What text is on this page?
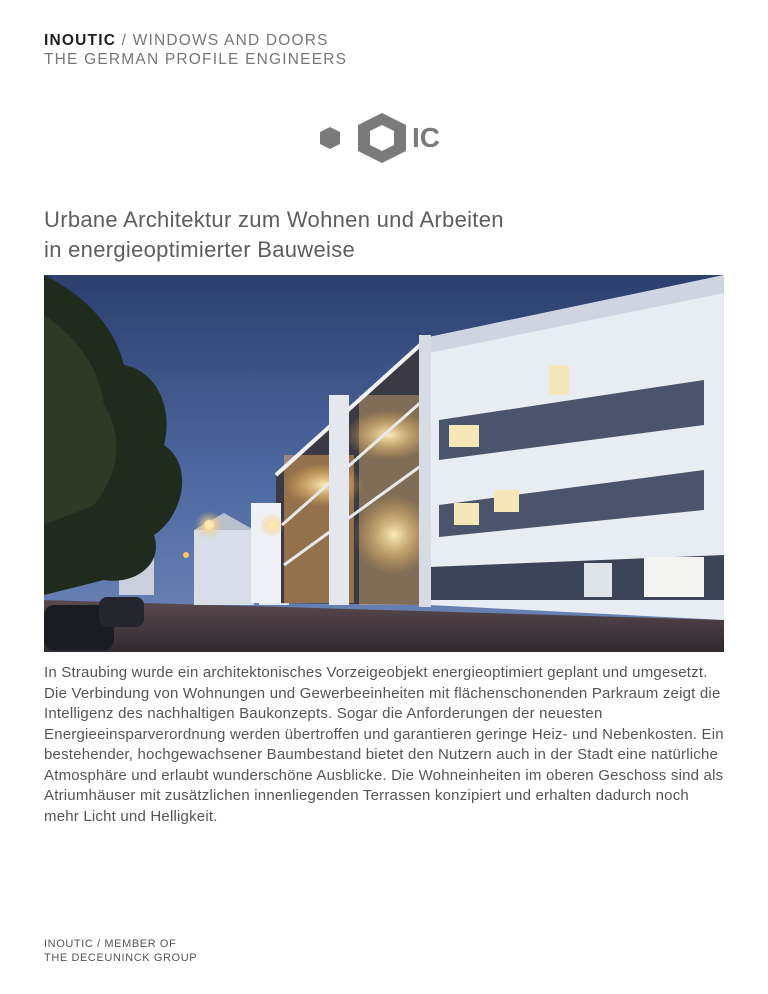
INOUTIC / WINDOWS AND DOORS
THE GERMAN PROFILE ENGINEERS
IC
Urbane Architektur zum Wohnen und Arbeiten
in energieoptimierter Bauweise

In Straubing wurde ein architektonisches Vorzeigeobjekt energieoptimiert geplant und umgesetzt. Die Verbindung von Wohnungen und Gewerbeeinheiten mit flächenschonenden Parkraum zeigt die Intelligenz des nachhaltigen Baukonzepts. Sogar die Anforderungen der neuesten Energieeinsparverordnung werden übertroffen und garantieren geringe Heiz- und Nebenkosten. Ein bestehender, hochgewachsener Baumbestand bietet den Nutzern auch in der Stadt eine natürliche Atmosphäre und erlaubt wunderschöne Ausblicke. Die Wohneinheiten im oberen Geschoss sind als Atriumhäuser mit zusätzlichen innenliegenden Terrassen konzipiert und erhalten dadurch noch mehr Licht und Helligkeit.

INOUTIC / MEMBER OF
THE DECEUNINCK GROUP
